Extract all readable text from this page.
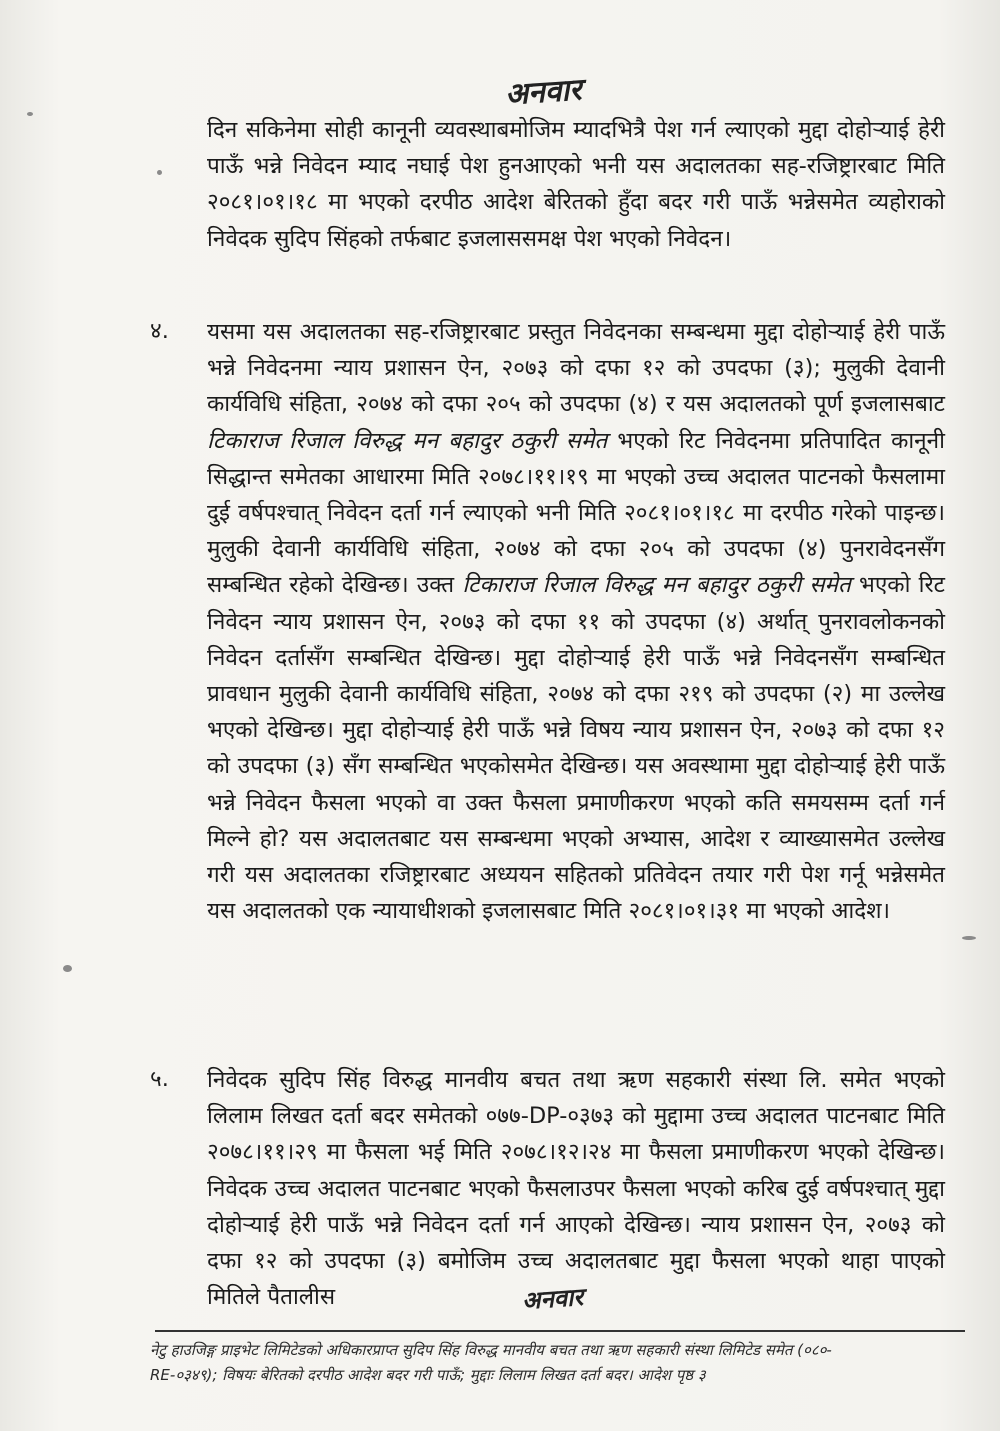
अनवार
दिन सकिनेमा सोही कानूनी व्यवस्थाबमोजिम म्यादभित्रै पेश गर्न ल्याएको मुद्दा दोहोऱ्याई हेरी पाऊँ भन्ने निवेदन म्याद नघाई पेश हुनआएको भनी यस अदालतका सह-रजिष्ट्रारबाट मिति २०८१।०१।१८ मा भएको दरपीठ आदेश बेरितको हुँदा बदर गरी पाऊँ भन्नेसमेत व्यहोराको निवेदक सुदिप सिंहको तर्फबाट इजलाससमक्ष पेश भएको निवेदन।
४. यसमा यस अदालतका सह-रजिष्ट्रारबाट प्रस्तुत निवेदनका सम्बन्धमा मुद्दा दोहोऱ्याई हेरी पाऊँ भन्ने निवेदनमा न्याय प्रशासन ऐन, २०७३ को दफा १२ को उपदफा (३); मुलुकी देवानी कार्यविधि संहिता, २०७४ को दफा २०५ को उपदफा (४) र यस अदालतको पूर्ण इजलासबाट टिकाराज रिजाल विरुद्ध मन बहादुर ठकुरी समेत भएको रिट निवेदनमा प्रतिपादित कानूनी सिद्धान्त समेतका आधारमा मिति २०७८।११।१९ मा भएको उच्च अदालत पाटनको फैसलामा दुई वर्षपश्चात् निवेदन दर्ता गर्न ल्याएको भनी मिति २०८१।०१।१८ मा दरपीठ गरेको पाइन्छ। मुलुकी देवानी कार्यविधि संहिता, २०७४ को दफा २०५ को उपदफा (४) पुनरावेदनसँग सम्बन्धित रहेको देखिन्छ। उक्त टिकाराज रिजाल विरुद्ध मन बहादुर ठकुरी समेत भएको रिट निवेदन न्याय प्रशासन ऐन, २०७३ को दफा ११ को उपदफा (४) अर्थात् पुनरावलोकनको निवेदन दर्तासँग सम्बन्धित देखिन्छ। मुद्दा दोहोऱ्याई हेरी पाऊँ भन्ने निवेदनसँग सम्बन्धित प्रावधान मुलुकी देवानी कार्यविधि संहिता, २०७४ को दफा २१९ को उपदफा (२) मा उल्लेख भएको देखिन्छ। मुद्दा दोहोऱ्याई हेरी पाऊँ भन्ने विषय न्याय प्रशासन ऐन, २०७३ को दफा १२ को उपदफा (३) सँग सम्बन्धित भएकोसमेत देखिन्छ। यस अवस्थामा मुद्दा दोहोऱ्याई हेरी पाऊँ भन्ने निवेदन फैसला भएको वा उक्त फैसला प्रमाणीकरण भएको कति समयसम्म दर्ता गर्न मिल्ने हो? यस अदालतबाट यस सम्बन्धमा भएको अभ्यास, आदेश र व्याख्यासमेत उल्लेख गरी यस अदालतका रजिष्ट्रारबाट अध्ययन सहितको प्रतिवेदन तयार गरी पेश गर्नू भन्नेसमेत यस अदालतको एक न्यायाधीशको इजलासबाट मिति २०८१।०१।३१ मा भएको आदेश।
५. निवेदक सुदिप सिंह विरुद्ध मानवीय बचत तथा ऋण सहकारी संस्था लि. समेत भएको लिलाम लिखत दर्ता बदर समेतको ०७७-DP-०३७३ को मुद्दामा उच्च अदालत पाटनबाट मिति २०७८।११।२९ मा फैसला भई मिति २०७८।१२।२४ मा फैसला प्रमाणीकरण भएको देखिन्छ। निवेदक उच्च अदालत पाटनबाट भएको फैसलाउपर फैसला भएको करिब दुई वर्षपश्चात् मुद्दा दोहोऱ्याई हेरी पाऊँ भन्ने निवेदन दर्ता गर्न आएको देखिन्छ। न्याय प्रशासन ऐन, २०७३ को दफा १२ को उपदफा (३) बमोजिम उच्च अदालतबाट मुद्दा फैसला भएको थाहा पाएको मितिले पैतालीस	अनवार
नेटु हाउजिङ्ग प्राइभेट लिमिटेडको अधिकारप्राप्त सुदिप सिंह विरुद्ध मानवीय बचत तथा ऋण सहकारी संस्था लिमिटेड समेत (०८०-
RE-०३४९); विषयः बेरितको दरपीठ आदेश बदर गरी पाऊँ; मुद्दाः लिलाम लिखत दर्ता बदर। आदेश पृष्ठ ३
